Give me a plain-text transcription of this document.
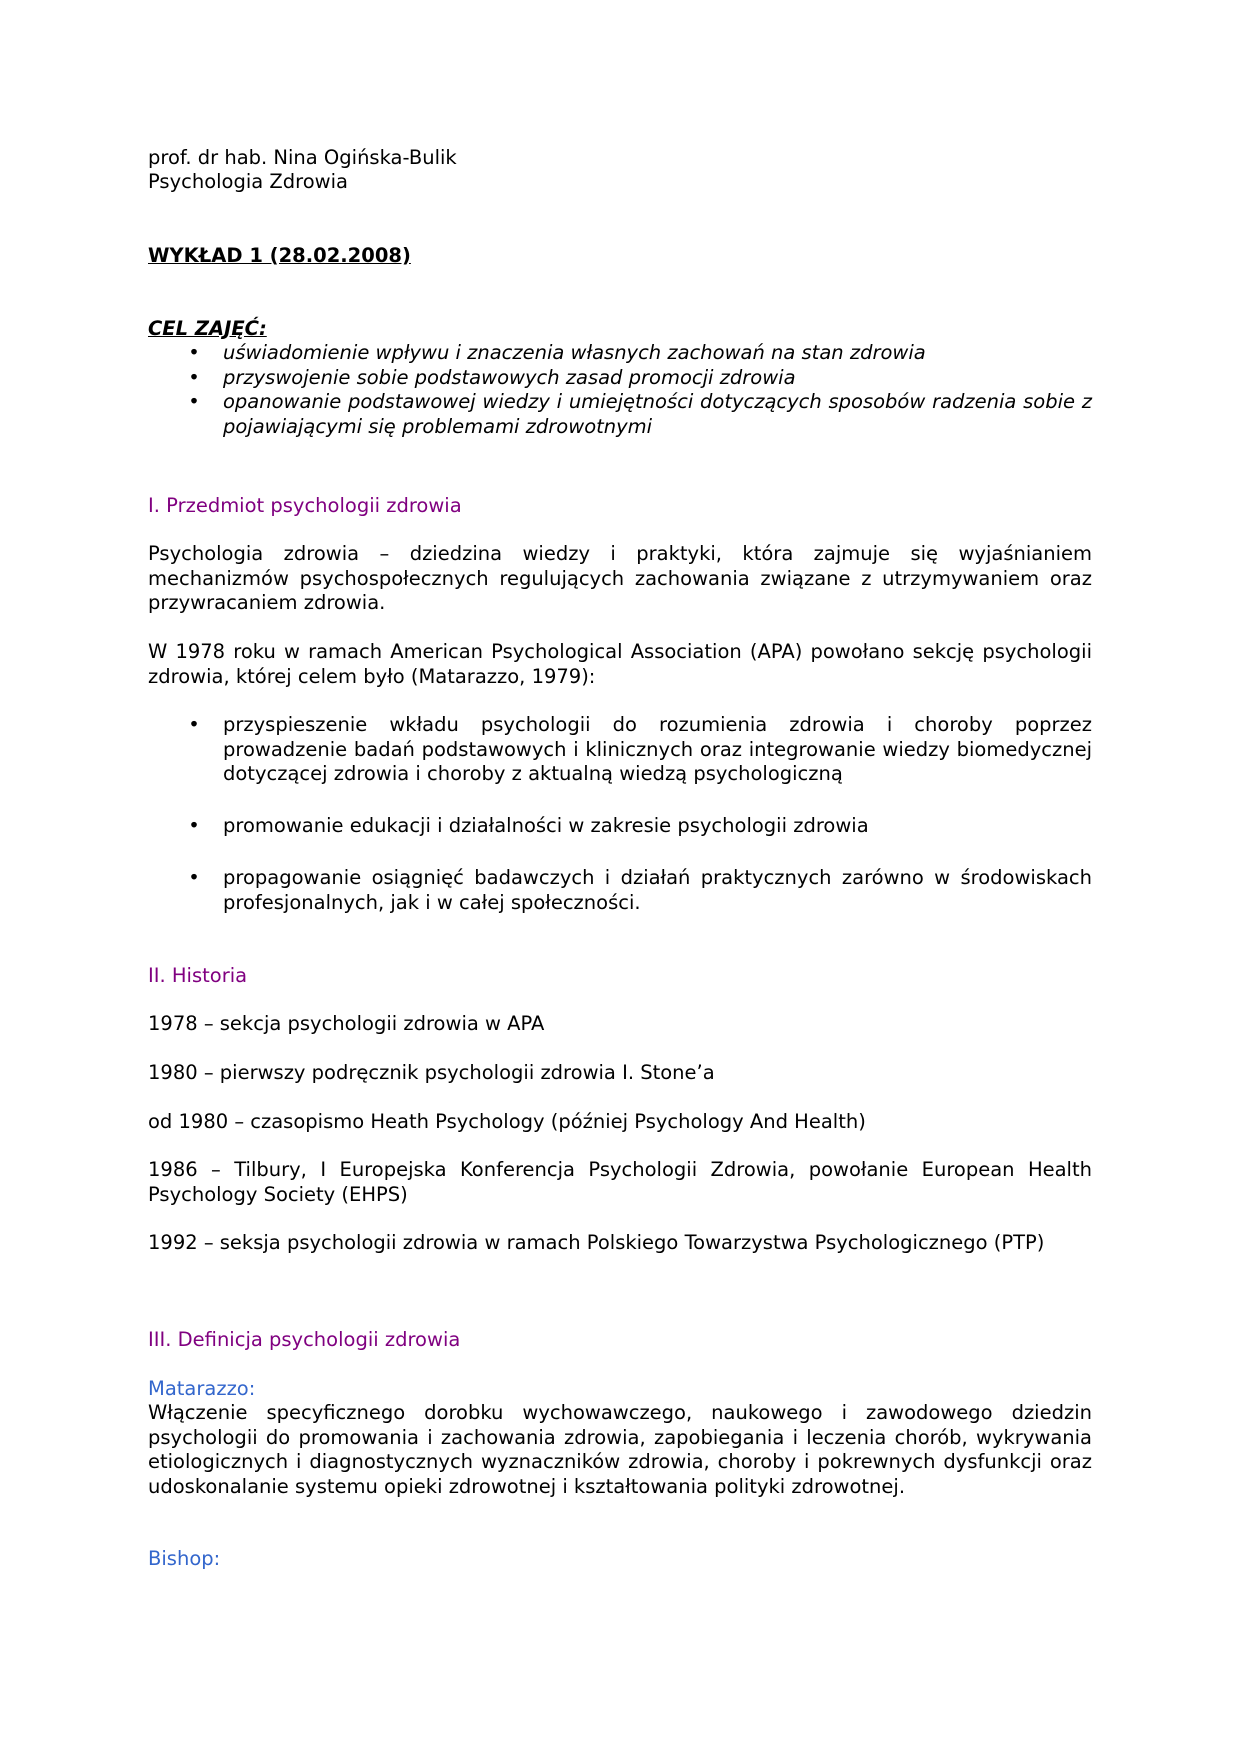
prof. dr hab. Nina Ogińska-Bulik
Psychologia Zdrowia
WYKŁAD 1 (28.02.2008)
CEL ZAJĘĆ:
• uświadomienie wpływu i znaczenia własnych zachowań na stan zdrowia
• przyswojenie sobie podstawowych zasad promocji zdrowia
• opanowanie podstawowej wiedzy i umiejętności dotyczących sposobów radzenia sobie z pojawiającymi się problemami zdrowotnymi
I. Przedmiot psychologii zdrowia

Psychologia zdrowia – dziedzina wiedzy i praktyki, która zajmuje się wyjaśnianiem mechanizmów psychospołecznych regulujących zachowania związane z utrzymywaniem oraz przywracaniem zdrowia.

W 1978 roku w ramach American Psychological Association (APA) powołano sekcję psychologii zdrowia, której celem było (Matarazzo, 1979):

• przyspieszenie wkładu psychologii do rozumienia zdrowia i choroby poprzez prowadzenie badań podstawowych i klinicznych oraz integrowanie wiedzy biomedycznej dotyczącej zdrowia i choroby z aktualną wiedzą psychologiczną
• promowanie edukacji i działalności w zakresie psychologii zdrowia
• propagowanie osiągnięć badawczych i działań praktycznych zarówno w środowiskach profesjonalnych, jak i w całej społeczności.
II. Historia

1978 – sekcja psychologii zdrowia w APA

1980 – pierwszy podręcznik psychologii zdrowia I. Stone’a

od 1980 – czasopismo Heath Psychology (później Psychology And Health)

1986 – Tilbury, I Europejska Konferencja Psychologii Zdrowia, powołanie European Health Psychology Society (EHPS)

1992 – seksja psychologii zdrowia w ramach Polskiego Towarzystwa Psychologicznego (PTP)

III. Definicja psychologii zdrowia
Matarazzo:

Włączenie specyficznego dorobku wychowawczego, naukowego i zawodowego dziedzin psychologii do promowania i zachowania zdrowia, zapobiegania i leczenia chorób, wykrywania etiologicznych i diagnostycznych wyznaczników zdrowia, choroby i pokrewnych dysfunkcji oraz udoskonalanie systemu opieki zdrowotnej i kształtowania polityki zdrowotnej.

Bishop:
